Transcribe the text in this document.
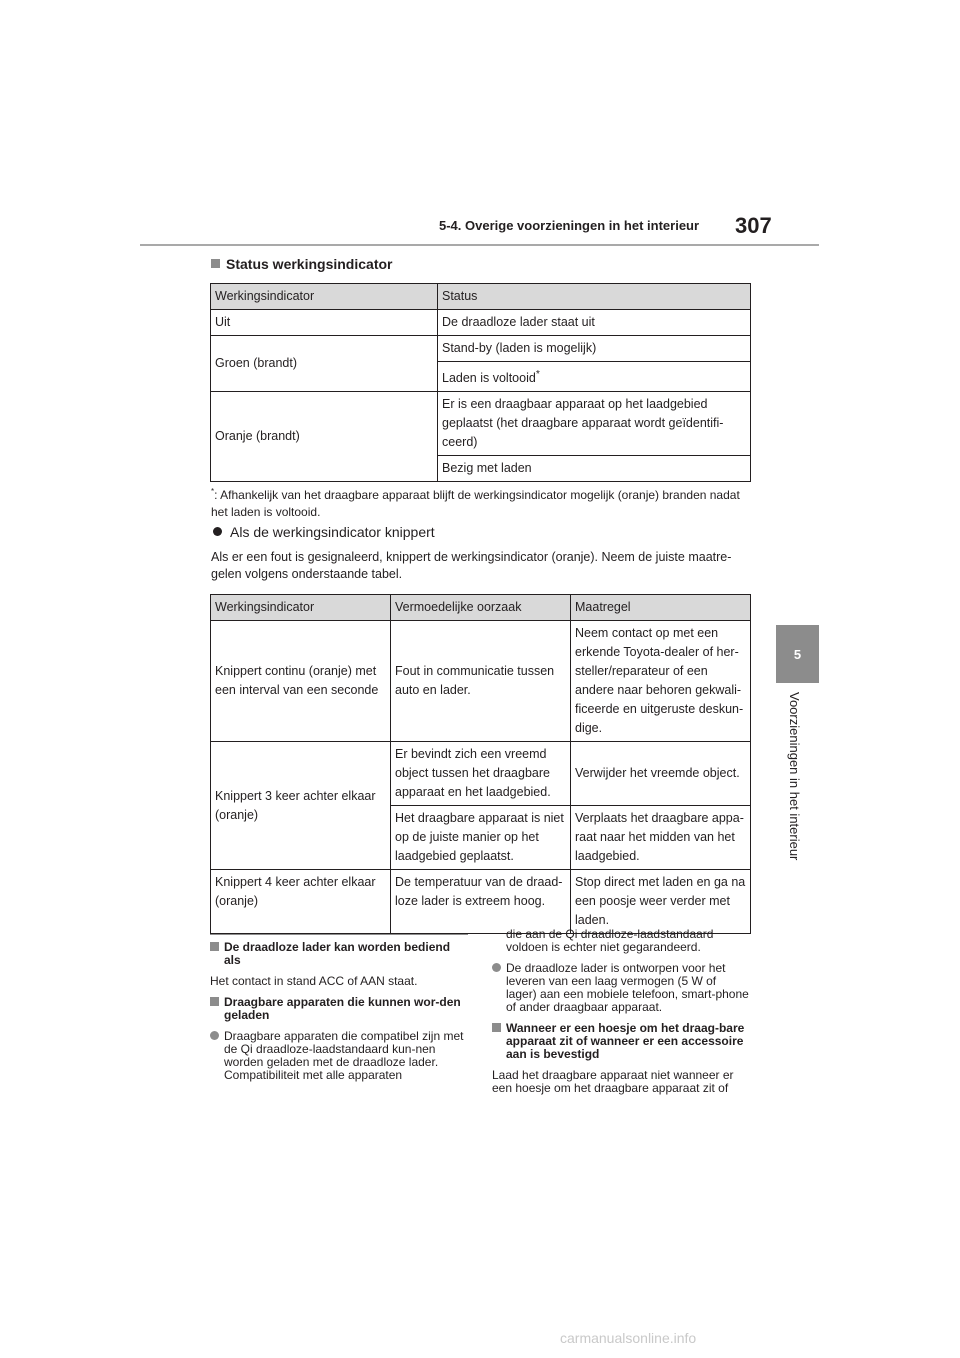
5-4. Overige voorzieningen in het interieur 307
5
Voorzieningen in het interieur
Status werkingsindicator
Werkingsindicator	Status
Uit	De draadloze lader staat uit
Groen (brandt)	Stand-by (laden is mogelijk)
	Laden is voltooid*
Oranje (brandt)	Er is een draagbaar apparaat op het laadgebied geplaatst (het draagbare apparaat wordt geïdentifi-ceerd)
	Bezig met laden
*: Afhankelijk van het draagbare apparaat blijft de werkingsindicator mogelijk (oranje) branden nadat het laden is voltooid.
Als de werkingsindicator knippert
Als er een fout is gesignaleerd, knippert de werkingsindicator (oranje). Neem de juiste maatre-gelen volgens onderstaande tabel.
Werkingsindicator	Vermoedelijke oorzaak	Maatregel
Knippert continu (oranje) met een interval van een seconde	Fout in communicatie tussen auto en lader.	Neem contact op met een erkende Toyota-dealer of her-steller/reparateur of een andere naar behoren gekwali-ficeerde en uitgeruste deskun-dige.
Knippert 3 keer achter elkaar (oranje)	Er bevindt zich een vreemd object tussen het draagbare apparaat en het laadgebied.	Verwijder het vreemde object.
	Het draagbare apparaat is niet op de juiste manier op het laadgebied geplaatst.	Verplaats het draagbare appa-raat naar het midden van het laadgebied.
Knippert 4 keer achter elkaar (oranje)	De temperatuur van de draad-loze lader is extreem hoog.	Stop direct met laden en ga na een poosje weer verder met laden.

De draadloze lader kan worden bediend als

Het contact in stand ACC of AAN staat.

Draagbare apparaten die kunnen wor-den geladen

Draagbare apparaten die compatibel zijn met de Qi draadloze-laadstandaard kun-nen worden geladen met de draadloze lader. Compatibiliteit met alle apparaten

die aan de Qi draadloze-laadstandaard voldoen is echter niet gegarandeerd.

De draadloze lader is ontworpen voor het leveren van een laag vermogen (5 W of lager) aan een mobiele telefoon, smart-phone of ander draagbaar apparaat.

Wanneer er een hoesje om het draag-bare apparaat zit of wanneer er een accessoire aan is bevestigd

Laad het draagbare apparaat niet wanneer er een hoesje om het draagbare apparaat zit of

carmanualsonline.info
